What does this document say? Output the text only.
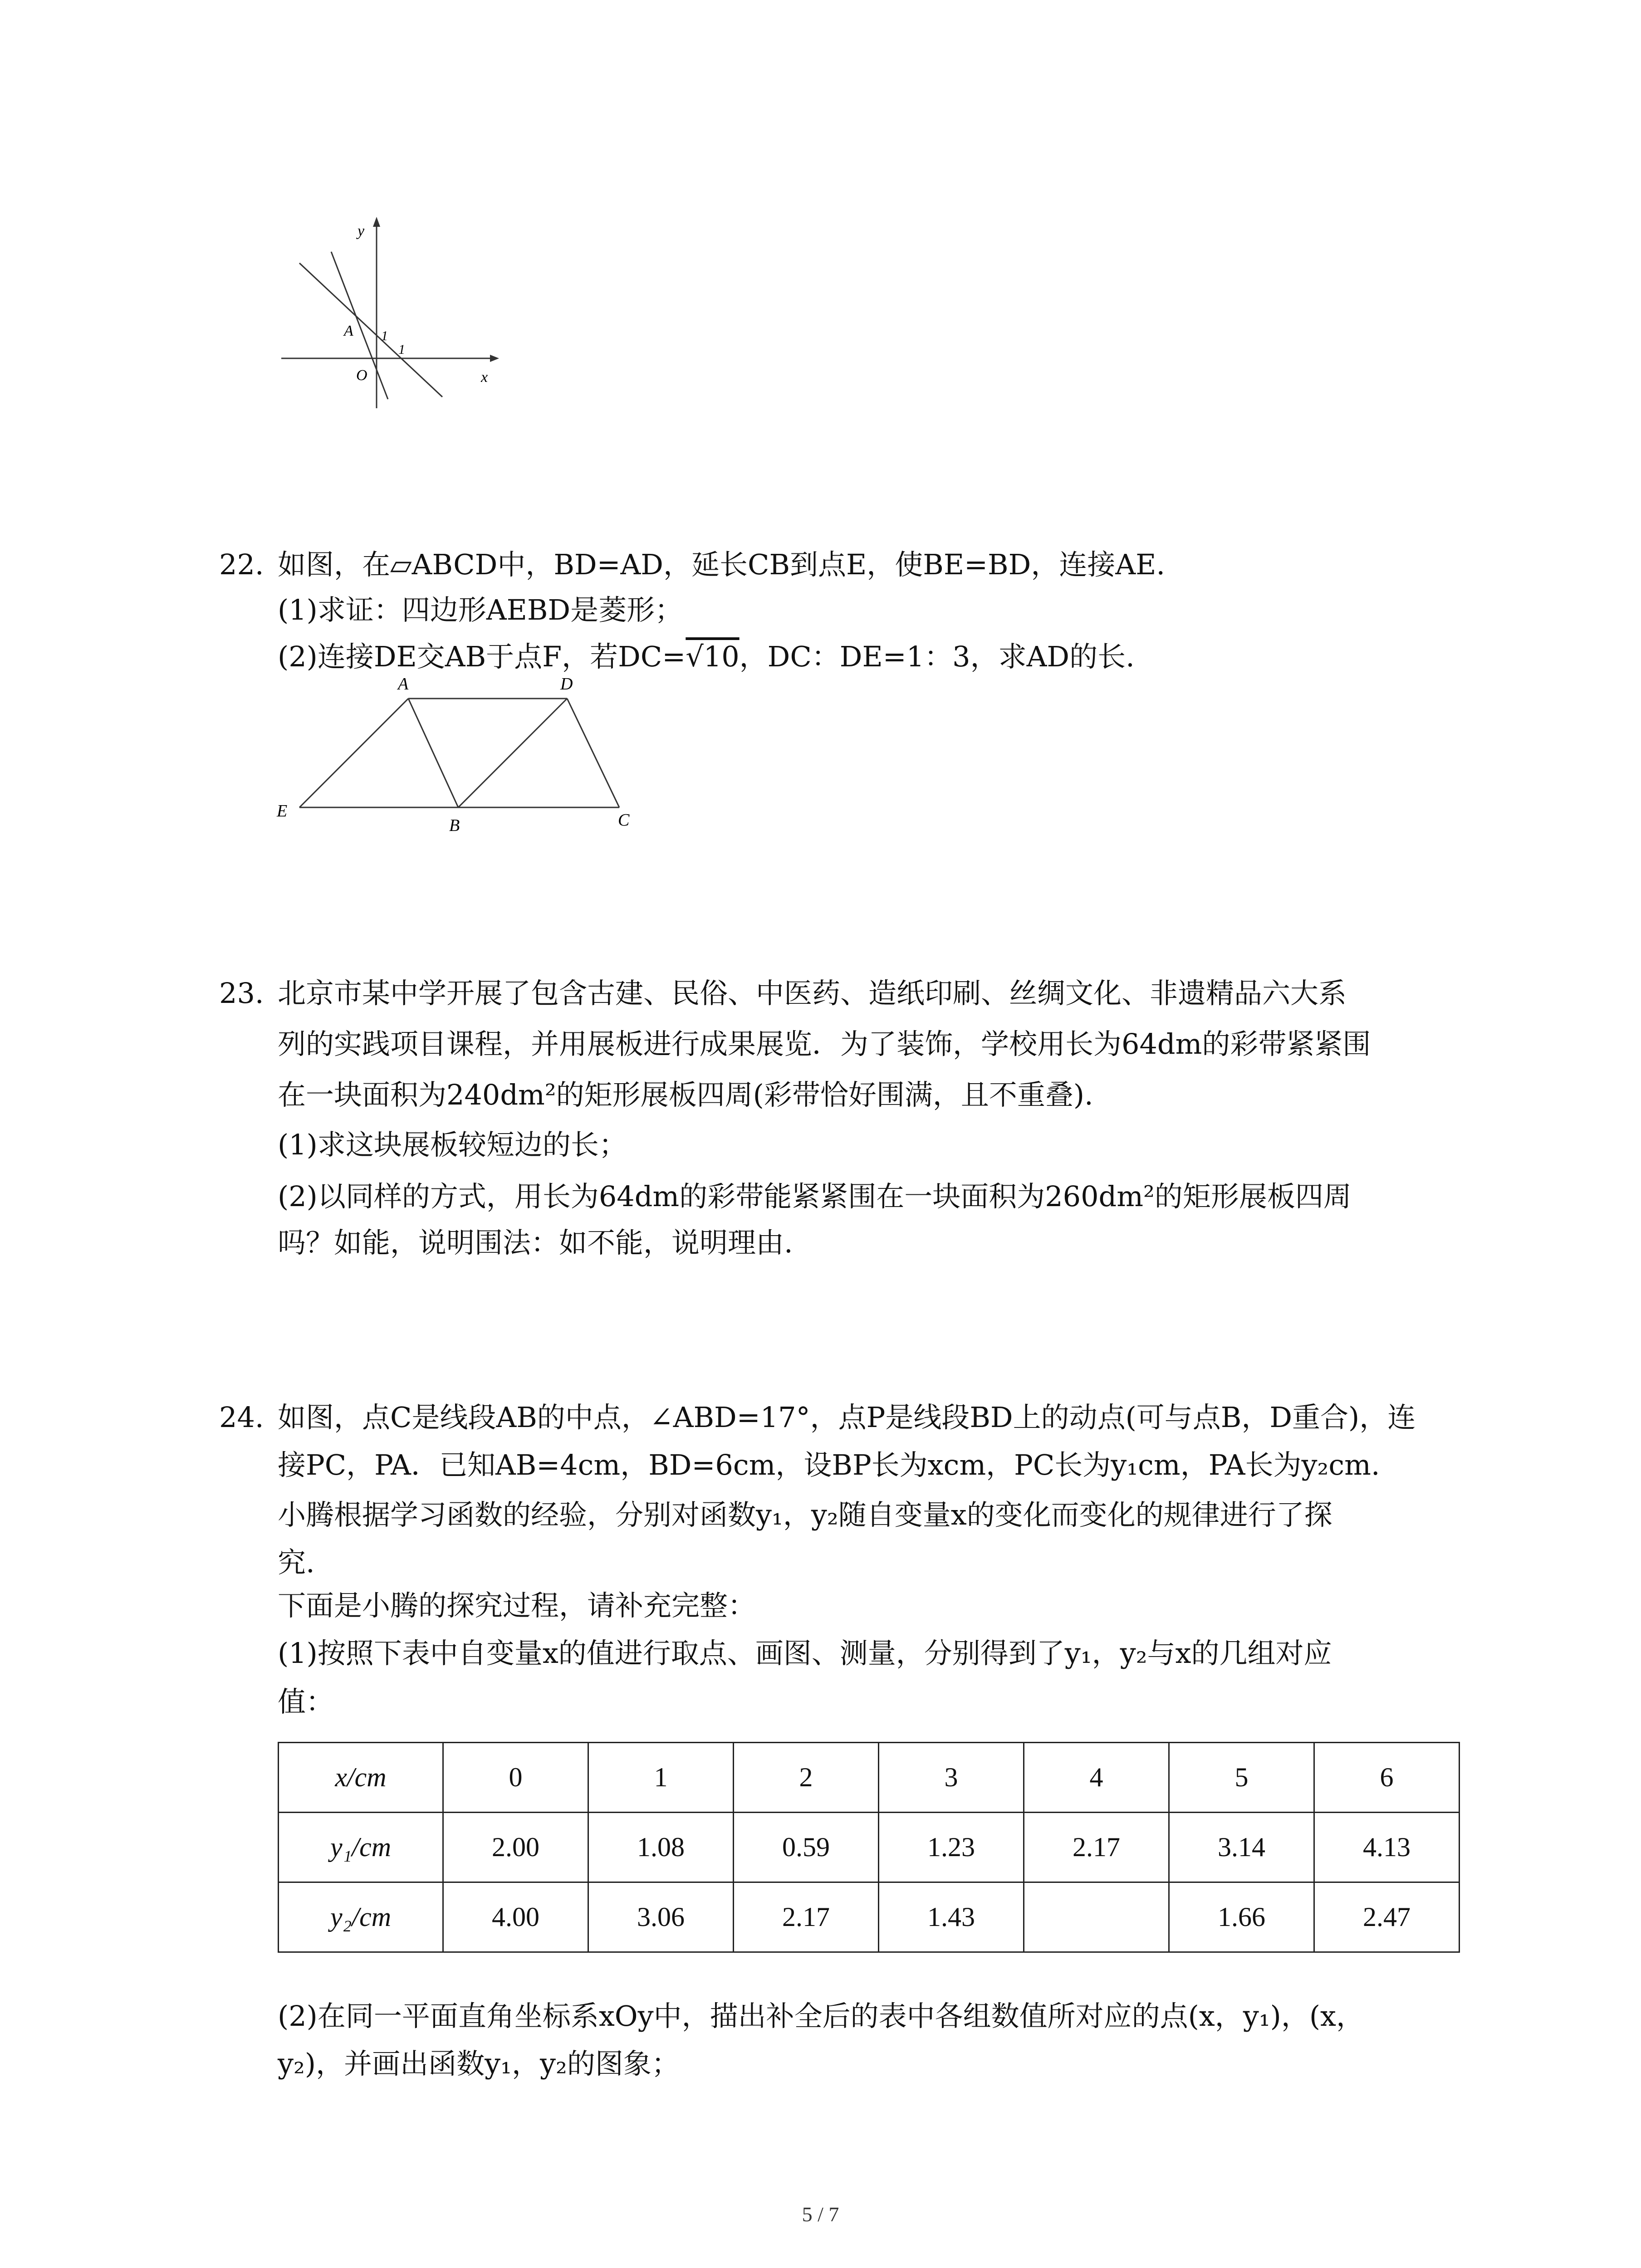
y
x
O
A 1
1
22. 如图，在▱ABCD中，BD=AD，延长CB到点E，使BE=BD，连接AE.
(1)求证：四边形AEBD是菱形；
(2)连接DE交AB于点F，若DC=√10，DC：DE=1：3，求AD的长.
A	D
E
B	C
23. 北京市某中学开展了包含古建、民俗、中医药、造纸印刷、丝绸文化、非遗精品六大系
列的实践项目课程，并用展板进行成果展览．为了装饰，学校用长为64dm的彩带紧紧围
在一块面积为240dm²的矩形展板四周(彩带恰好围满，且不重叠).
(1)求这块展板较短边的长；
(2)以同样的方式，用长为64dm的彩带能紧紧围在一块面积为260dm²的矩形展板四周
吗？如能，说明围法：如不能，说明理由.
24. 如图，点C是线段AB的中点，∠ABD=17°，点P是线段BD上的动点(可与点B，D重合)，连
接PC，PA．已知AB=4cm，BD=6cm，设BP长为xcm，PC长为y₁cm，PA长为y₂cm.
小腾根据学习函数的经验，分别对函数y₁，y₂随自变量x的变化而变化的规律进行了探
究.
下面是小腾的探究过程，请补充完整：
(1)按照下表中自变量x的值进行取点、画图、测量，分别得到了y₁，y₂与x的几组对应
值：
x/cm	0	1	2	3	4	5	6
y₁/cm	2.00	1.08	0.59	1.23	2.17	3.14	4.13
y₂/cm	4.00	3.06	2.17	1.43		1.66	2.47
(2)在同一平面直角坐标系xOy中，描出补全后的表中各组数值所对应的点(x，y₁)，(x，
y₂)，并画出函数y₁，y₂的图象；
5 / 7
